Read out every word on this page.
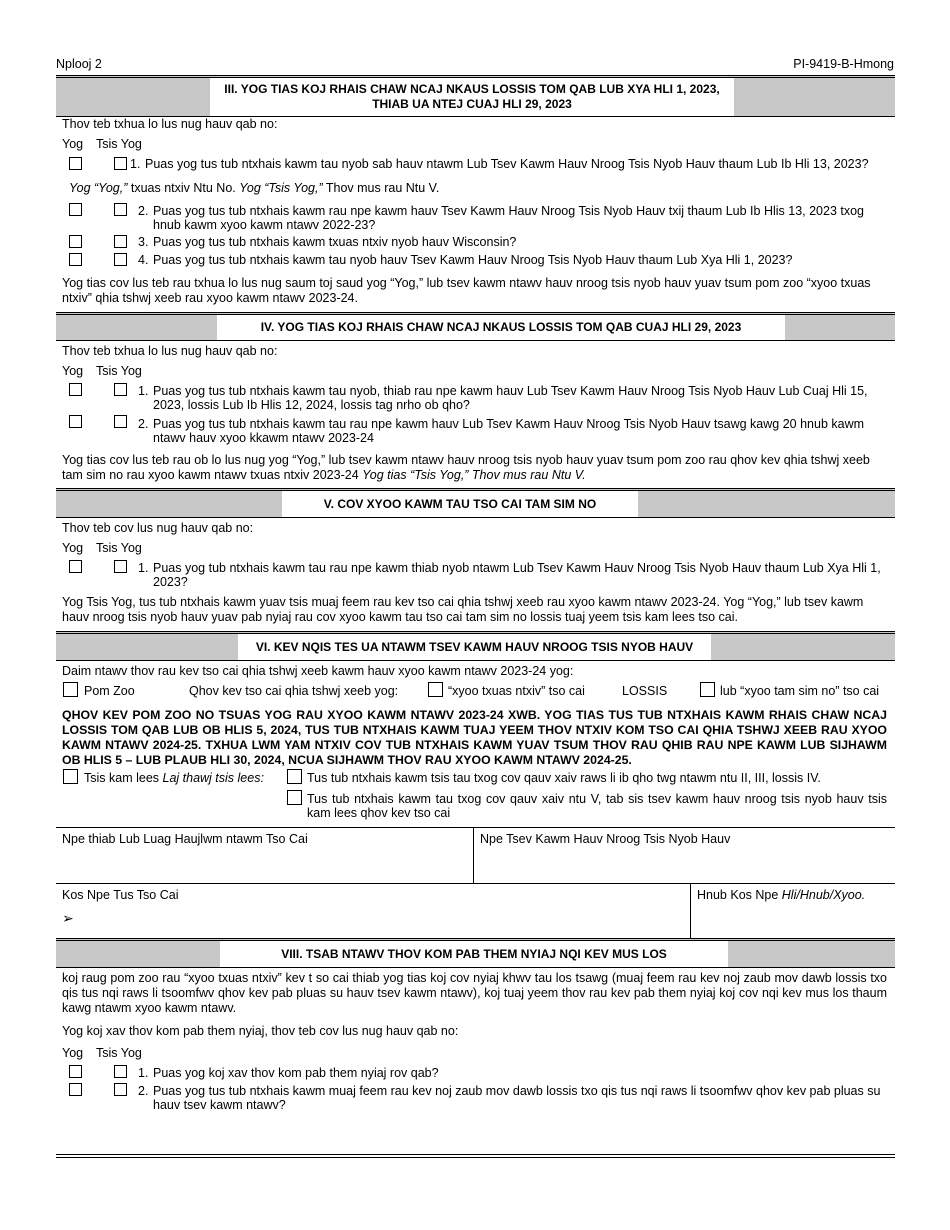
Nplooj 2	PI-9419-B-Hmong
III. YOG TIAS KOJ RHAIS CHAW NCAJ NKAUS LOSSIS TOM QAB LUB XYA HLI 1, 2023, THIAB UA NTEJ CUAJ HLI 29, 2023
Thov teb txhua lo lus nug hauv qab no:
Yog Tsis Yog
1. Puas yog tus tub ntxhais kawm tau nyob sab hauv ntawm Lub Tsev Kawm Hauv Nroog Tsis Nyob Hauv thaum Lub Ib Hli 13, 2023?
Yog “Yog,” txuas ntxiv Ntu No. Yog “Tsis Yog,” Thov mus rau Ntu V.
2. Puas yog tus tub ntxhais kawm rau npe kawm hauv Tsev Kawm Hauv Nroog Tsis Nyob Hauv txij thaum Lub Ib Hlis 13, 2023 txog hnub kawm xyoo kawm ntawv 2022-23?
3. Puas yog tus tub ntxhais kawm txuas ntxiv nyob hauv Wisconsin?
4. Puas yog tus tub ntxhais kawm tau nyob hauv Tsev Kawm Hauv Nroog Tsis Nyob Hauv thaum Lub Xya Hli 1, 2023?
Yog tias cov lus teb rau txhua lo lus nug saum toj saud yog “Yog,” lub tsev kawm ntawv hauv nroog tsis nyob hauv yuav tsum pom zoo “xyoo txuas ntxiv” qhia tshwj xeeb rau xyoo kawm ntawv 2023-24.
IV. YOG TIAS KOJ RHAIS CHAW NCAJ NKAUS LOSSIS TOM QAB CUAJ HLI 29, 2023
Thov teb txhua lo lus nug hauv qab no:
Yog Tsis Yog
1. Puas yog tus tub ntxhais kawm tau nyob, thiab rau npe kawm hauv Lub Tsev Kawm Hauv Nroog Tsis Nyob Hauv Lub Cuaj Hli 15, 2023, lossis Lub Ib Hlis 12, 2024, lossis tag nrho ob qho?
2. Puas yog tus tub ntxhais kawm tau rau npe kawm hauv Lub Tsev Kawm Hauv Nroog Tsis Nyob Hauv tsawg kawg 20 hnub kawm ntawv hauv xyoo kkawm ntawv 2023-24
Yog tias cov lus teb rau ob lo lus nug yog “Yog,” lub tsev kawm ntawv hauv nroog tsis nyob hauv yuav tsum pom zoo rau qhov kev qhia tshwj xeeb tam sim no rau xyoo kawm ntawv txuas ntxiv 2023-24 Yog tias “Tsis Yog,” Thov mus rau Ntu V.
V. COV XYOO KAWM TAU TSO CAI TAM SIM NO
Thov teb cov lus nug hauv qab no:
Yog Tsis Yog
1. Puas yog tub ntxhais kawm tau rau npe kawm thiab nyob ntawm Lub Tsev Kawm Hauv Nroog Tsis Nyob Hauv thaum Lub Xya Hli 1, 2023?
Yog Tsis Yog, tus tub ntxhais kawm yuav tsis muaj feem rau kev tso cai qhia tshwj xeeb rau xyoo kawm ntawv 2023-24. Yog “Yog,” lub tsev kawm hauv nroog tsis nyob hauv yuav pab nyiaj rau cov xyoo kawm tau tso cai tam sim no lossis tuaj yeem tsis kam lees tso cai.
VI. KEV NQIS TES UA NTAWM TSEV KAWM HAUV NROOG TSIS NYOB HAUV
Daim ntawv thov rau kev tso cai qhia tshwj xeeb kawm hauv xyoo kawm ntawv 2023-24 yog:
Pom Zoo	Qhov kev tso cai qhia tshwj xeeb yog:	“xyoo txuas ntxiv” tso cai	LOSSIS	lub “xyoo tam sim no” tso cai
QHOV KEV POM ZOO NO TSUAS YOG RAU XYOO KAWM NTAWV 2023-24 XWB. YOG TIAS TUS TUB NTXHAIS KAWM RHAIS CHAW NCAJ LOSSIS TOM QAB LUB OB HLIS 5, 2024, TUS TUB NTXHAIS KAWM TUAJ YEEM THOV NTXIV KOM TSO CAI QHIA TSHWJ XEEB RAU XYOO KAWM NTAWV 2024-25. TXHUA LWM YAM NTXIV COV TUB NTXHAIS KAWM YUAV TSUM THOV RAU QHIB RAU NPE KAWM LUB SIJHAWM OB HLIS 5 – LUB PLAUB HLI 30, 2024, NCUA SIJHAWM THOV RAU XYOO KAWM NTAWV 2024-25.
Tsis kam lees Laj thawj tsis lees:	Tus tub ntxhais kawm tsis tau txog cov qauv xaiv raws li ib qho twg ntawm ntu II, III, lossis IV.
Tus tub ntxhais kawm tau txog cov qauv xaiv ntu V, tab sis tsev kawm hauv nroog tsis nyob hauv tsis kam lees qhov kev tso cai
Npe thiab Lub Luag Haujlwm ntawm Tso Cai	Npe Tsev Kawm Hauv Nroog Tsis Nyob Hauv
Kos Npe Tus Tso Cai
➢
Hnub Kos Npe Hli/Hnub/Xyoo.
VIII. TSAB NTAWV THOV KOM PAB THEM NYIAJ NQI KEV MUS LOS
koj raug pom zoo rau “xyoo txuas ntxiv” kev t so cai thiab yog tias koj cov nyiaj khwv tau los tsawg (muaj feem rau kev noj zaub mov dawb lossis txo qis tus nqi raws li tsoomfwv qhov kev pab pluas su hauv tsev kawm ntawv), koj tuaj yeem thov rau kev pab them nyiaj koj cov nqi kev mus los thaum kawg ntawm xyoo kawm ntawv.
Yog koj xav thov kom pab them nyiaj, thov teb cov lus nug hauv qab no:
Yog Tsis Yog
1. Puas yog koj xav thov kom pab them nyiaj rov qab?
2. Puas yog tus tub ntxhais kawm muaj feem rau kev noj zaub mov dawb lossis txo qis tus nqi raws li tsoomfwv qhov kev pab pluas su hauv tsev kawm ntawv?
